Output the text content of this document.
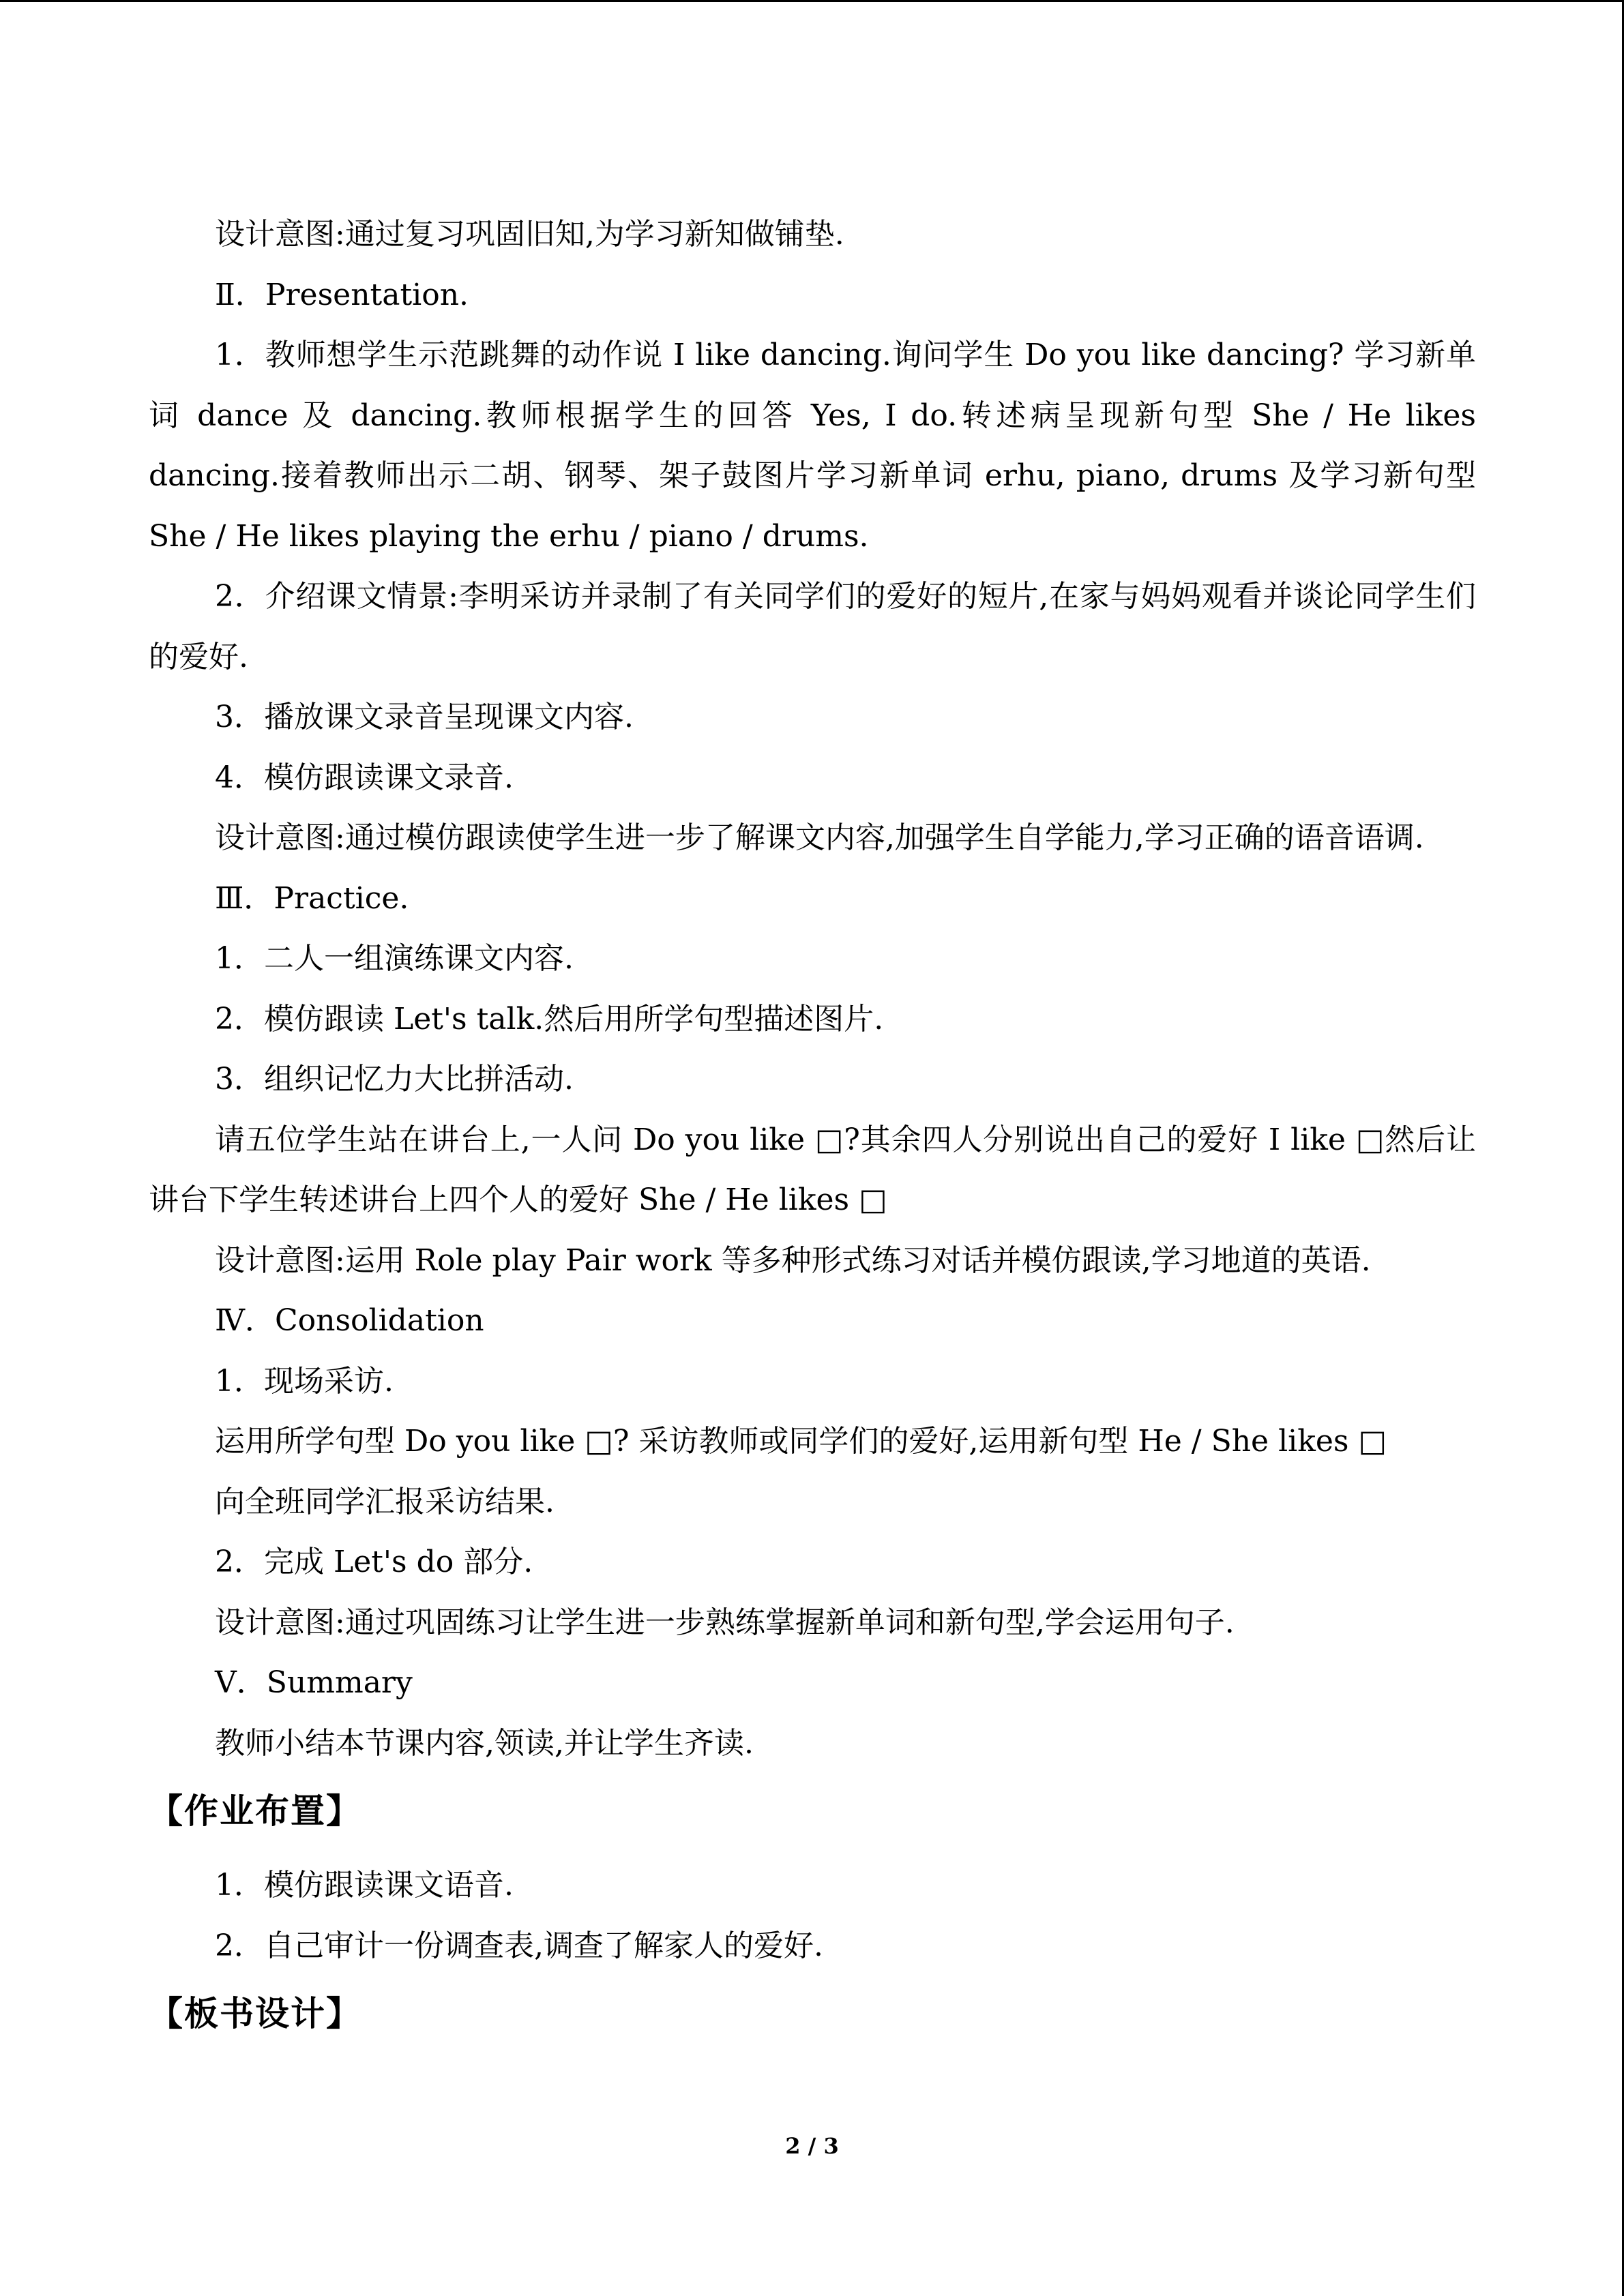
设计意图:通过复习巩固旧知,为学习新知做铺垫.

Ⅱ．Presentation.

1．教师想学生示范跳舞的动作说 I like dancing.询问学生 Do you like dancing? 学习新单词 dance 及 dancing.教师根据学生的回答 Yes, I do.转述病呈现新句型 She / He likes dancing.接着教师出示二胡、钢琴、架子鼓图片学习新单词 erhu, piano, drums 及学习新句型 She / He likes playing the erhu / piano / drums.

2．介绍课文情景:李明采访并录制了有关同学们的爱好的短片,在家与妈妈观看并谈论同学生们的爱好.

3．播放课文录音呈现课文内容.

4．模仿跟读课文录音.

设计意图:通过模仿跟读使学生进一步了解课文内容,加强学生自学能力,学习正确的语音语调.

Ⅲ．Practice.

1．二人一组演练课文内容.

2．模仿跟读 Let's talk.然后用所学句型描述图片.

3．组织记忆力大比拼活动.

请五位学生站在讲台上,一人问 Do you like □?其余四人分别说出自己的爱好 I like □然后让讲台下学生转述讲台上四个人的爱好 She / He likes □

设计意图:运用 Role play Pair work 等多种形式练习对话并模仿跟读,学习地道的英语.

Ⅳ．Consolidation

1．现场采访.

运用所学句型 Do you like □? 采访教师或同学们的爱好,运用新句型 He / She likes □

向全班同学汇报采访结果.

2．完成 Let's do 部分.

设计意图:通过巩固练习让学生进一步熟练掌握新单词和新句型,学会运用句子.

Ⅴ．Summary

教师小结本节课内容,领读,并让学生齐读.

【作业布置】

1．模仿跟读课文语音.

2．自己审计一份调查表,调查了解家人的爱好.

【板书设计】

2 / 3
